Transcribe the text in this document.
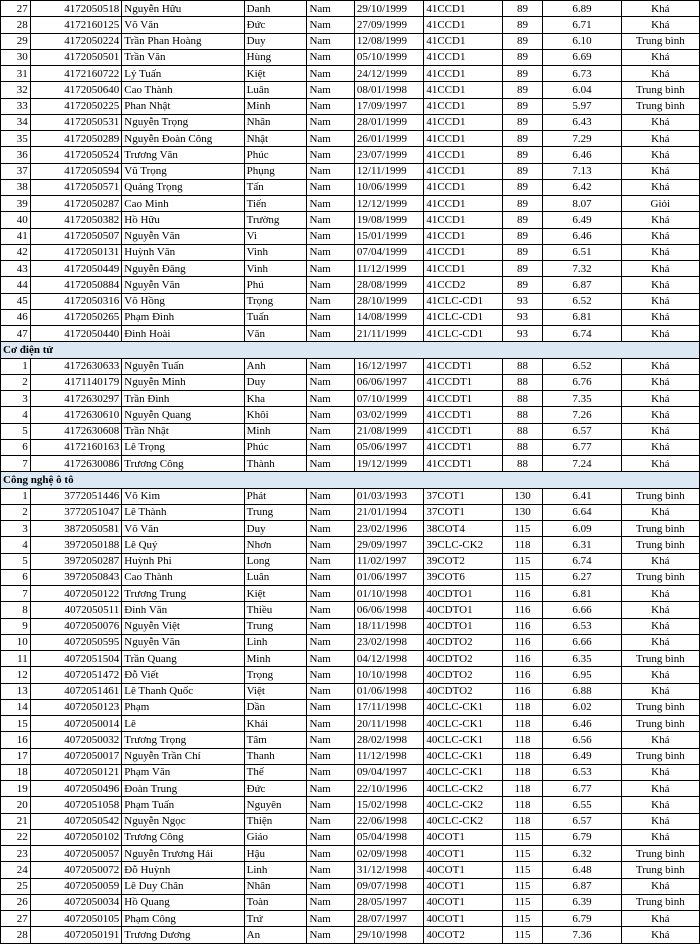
27	4172050518	Nguyễn Hữu	Danh	Nam	29/10/1999	41CCD1	89	6.89	Khá
28	4172160125	Võ Văn	Đức	Nam	27/09/1999	41CCD1	89	6.71	Khá
29	4172050224	Trần Phan Hoàng	Duy	Nam	12/08/1999	41CCD1	89	6.10	Trung bình
30	4172050501	Trần Văn	Hùng	Nam	05/10/1999	41CCD1	89	6.69	Khá
31	4172160722	Lý Tuấn	Kiệt	Nam	24/12/1999	41CCD1	89	6.73	Khá
32	4172050640	Cao Thành	Luân	Nam	08/01/1998	41CCD1	89	6.04	Trung bình
33	4172050225	Phan Nhật	Minh	Nam	17/09/1997	41CCD1	89	5.97	Trung bình
34	4172050531	Nguyễn Trọng	Nhân	Nam	28/01/1999	41CCD1	89	6.43	Khá
35	4172050289	Nguyễn Đoàn Công	Nhật	Nam	26/01/1999	41CCD1	89	7.29	Khá
36	4172050524	Trương Văn	Phúc	Nam	23/07/1999	41CCD1	89	6.46	Khá
37	4172050594	Vũ Trọng	Phụng	Nam	12/11/1999	41CCD1	89	7.13	Khá
38	4172050571	Quảng Trọng	Tấn	Nam	10/06/1999	41CCD1	89	6.42	Khá
39	4172050287	Cao Minh	Tiến	Nam	12/12/1999	41CCD1	89	8.07	Giỏi
40	4172050382	Hồ Hữu	Trường	Nam	19/08/1999	41CCD1	89	6.49	Khá
41	4172050507	Nguyễn Văn	Vi	Nam	15/01/1999	41CCD1	89	6.46	Khá
42	4172050131	Huỳnh Văn	Vinh	Nam	07/04/1999	41CCD1	89	6.51	Khá
43	4172050449	Nguyễn Đăng	Vinh	Nam	11/12/1999	41CCD1	89	7.32	Khá
44	4172050884	Nguyễn Văn	Phú	Nam	28/08/1999	41CCD2	89	6.87	Khá
45	4172050316	Võ Hồng	Trọng	Nam	28/10/1999	41CLC-CD1	93	6.52	Khá
46	4172050265	Phạm Đình	Tuấn	Nam	14/08/1999	41CLC-CD1	93	6.81	Khá
47	4172050440	Đinh Hoài	Văn	Nam	21/11/1999	41CLC-CD1	93	6.74	Khá
Cơ điện tử									
1	4172630633	Nguyễn Tuấn	Anh	Nam	16/12/1997	41CCDT1	88	6.52	Khá
2	4171140179	Nguyễn Minh	Duy	Nam	06/06/1997	41CCDT1	88	6.76	Khá
3	4172630297	Trần Đình	Kha	Nam	07/10/1999	41CCDT1	88	7.35	Khá
4	4172630610	Nguyễn Quang	Khôi	Nam	03/02/1999	41CCDT1	88	7.26	Khá
5	4172630608	Trần Nhật	Minh	Nam	21/08/1999	41CCDT1	88	6.57	Khá
6	4172160163	Lê Trọng	Phúc	Nam	05/06/1997	41CCDT1	88	6.77	Khá
7	4172630086	Trương Công	Thành	Nam	19/12/1999	41CCDT1	88	7.24	Khá
Công nghệ ô tô									
1	3772051446	Võ Kim	Phát	Nam	01/03/1993	37COT1	130	6.41	Trung bình
2	3772051047	Lê Thành	Trung	Nam	21/01/1994	37COT1	130	6.64	Khá
3	3872050581	Võ Văn	Duy	Nam	23/02/1996	38COT4	115	6.09	Trung bình
4	3972050188	Lê Quý	Nhơn	Nam	29/09/1997	39CLC-CK2	118	6.31	Trung bình
5	3972050287	Huỳnh Phi	Long	Nam	11/02/1997	39COT2	115	6.74	Khá
6	3972050843	Cao Thành	Luân	Nam	01/06/1997	39COT6	115	6.27	Trung bình
7	4072050122	Trương Trung	Kiệt	Nam	01/10/1998	40CDTO1	116	6.81	Khá
8	4072050511	Đinh Văn	Thiều	Nam	06/06/1998	40CDTO1	116	6.66	Khá
9	4072050076	Nguyễn Việt	Trung	Nam	18/11/1998	40CDTO1	116	6.53	Khá
10	4072050595	Nguyễn Văn	Linh	Nam	23/02/1998	40CDTO2	116	6.66	Khá
11	4072051504	Trần Quang	Minh	Nam	04/12/1998	40CDTO2	116	6.35	Trung bình
12	4072051472	Đỗ Viết	Trọng	Nam	10/10/1998	40CDTO2	116	6.95	Khá
13	4072051461	Lê Thanh Quốc	Việt	Nam	01/06/1998	40CDTO2	116	6.88	Khá
14	4072050123	Phạm	Dần	Nam	17/11/1998	40CLC-CK1	118	6.02	Trung bình
15	4072050014	Lê	Khải	Nam	20/11/1998	40CLC-CK1	118	6.46	Trung bình
16	4072050032	Trương Trọng	Tâm	Nam	28/02/1998	40CLC-CK1	118	6.56	Khá
17	4072050017	Nguyễn Trần Chí	Thanh	Nam	11/12/1998	40CLC-CK1	118	6.49	Trung bình
18	4072050121	Phạm Văn	Thế	Nam	09/04/1997	40CLC-CK1	118	6.53	Khá
19	4072050496	Đoàn Trung	Đức	Nam	22/10/1996	40CLC-CK2	118	6.77	Khá
20	4072051058	Phạm Tuấn	Nguyên	Nam	15/02/1998	40CLC-CK2	118	6.55	Khá
21	4072050542	Nguyễn Ngọc	Thiện	Nam	22/06/1998	40CLC-CK2	118	6.57	Khá
22	4072050102	Trương Công	Giáo	Nam	05/04/1998	40COT1	115	6.79	Khá
23	4072050057	Nguyễn Trương Hải	Hậu	Nam	02/09/1998	40COT1	115	6.32	Trung bình
24	4072050072	Đỗ Huỳnh	Linh	Nam	31/12/1998	40COT1	115	6.48	Trung bình
25	4072050059	Lê Duy Chân	Nhân	Nam	09/07/1998	40COT1	115	6.87	Khá
26	4072050034	Hồ Quang	Toàn	Nam	28/05/1997	40COT1	115	6.39	Trung bình
27	4072050105	Phạm Công	Trứ	Nam	28/07/1997	40COT1	115	6.79	Khá
28	4072050191	Trương Dương	An	Nam	29/10/1998	40COT2	115	7.36	Khá
